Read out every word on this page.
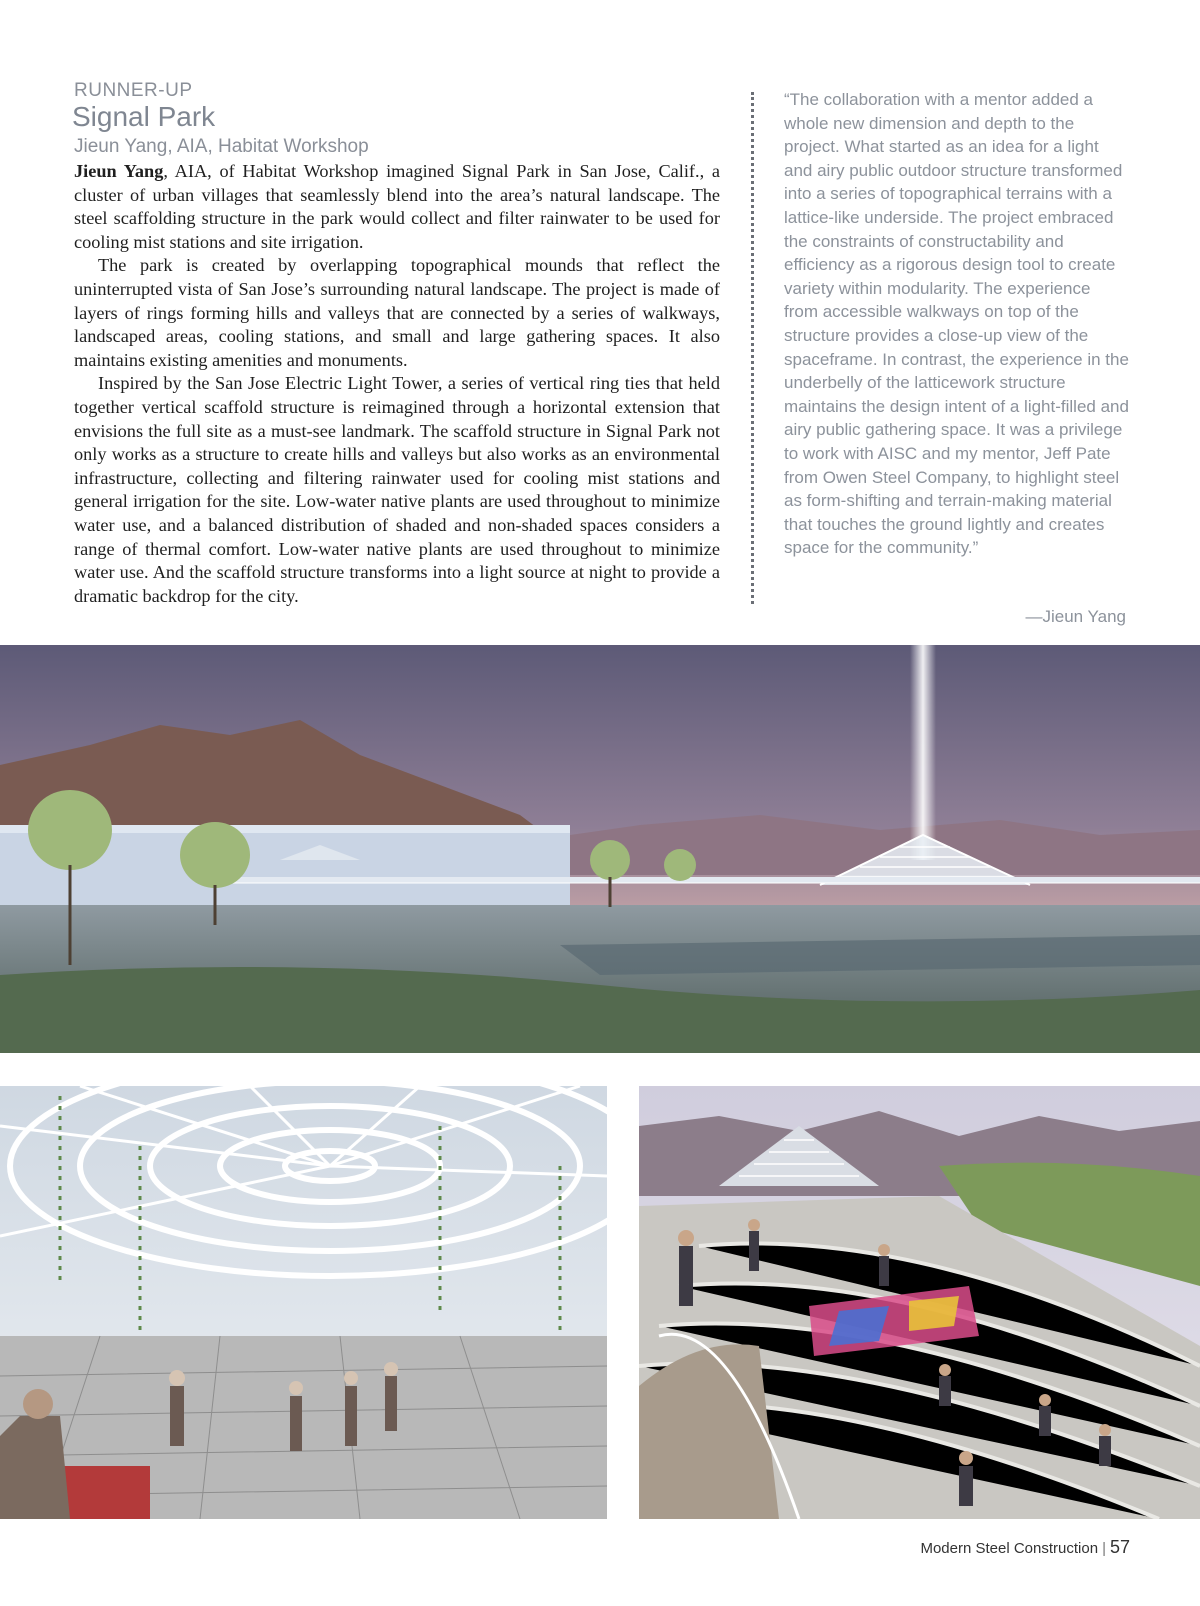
RUNNER-UP
Signal Park
Jieun Yang, AIA, Habitat Workshop

Jieun Yang, AIA, of Habitat Workshop imagined Signal Park in San Jose, Calif., a cluster of urban villages that seamlessly blend into the area’s natural landscape. The steel scaffolding structure in the park would collect and filter rainwater to be used for cooling mist stations and site irrigation.

The park is created by overlapping topographical mounds that reflect the uninterrupted vista of San Jose’s surrounding natural landscape. The project is made of layers of rings forming hills and valleys that are connected by a series of walkways, landscaped areas, cooling stations, and small and large gathering spaces. It also maintains existing amenities and monuments.

Inspired by the San Jose Electric Light Tower, a series of vertical ring ties that held together vertical scaffold structure is reimagined through a horizontal extension that envisions the full site as a must-see landmark. The scaffold structure in Signal Park not only works as a structure to create hills and valleys but also works as an environmental infrastructure, collecting and filtering rainwater used for cooling mist stations and general irrigation for the site. Low-water native plants are used throughout to minimize water use, and a balanced distribution of shaded and non-shaded spaces considers a range of thermal comfort. Low-water native plants are used throughout to minimize water use. And the scaffold structure transforms into a light source at night to provide a dramatic backdrop for the city.

“The collaboration with a mentor added a whole new dimension and depth to the project. What started as an idea for a light and airy public outdoor structure transformed into a series of topographical terrains with a lattice-like underside. The project embraced the constraints of constructability and efficiency as a rigorous design tool to create variety within modularity. The experience from accessible walkways on top of the structure provides a close-up view of the spaceframe. In contrast, the experience in the underbelly of the latticework structure maintains the design intent of a light-filled and airy public gathering space. It was a privilege to work with AISC and my mentor, Jeff Pate from Owen Steel Company, to highlight steel as form-shifting and terrain-making material that touches the ground lightly and creates space for the community.”
—Jieun Yang
Modern Steel Construction | 57
